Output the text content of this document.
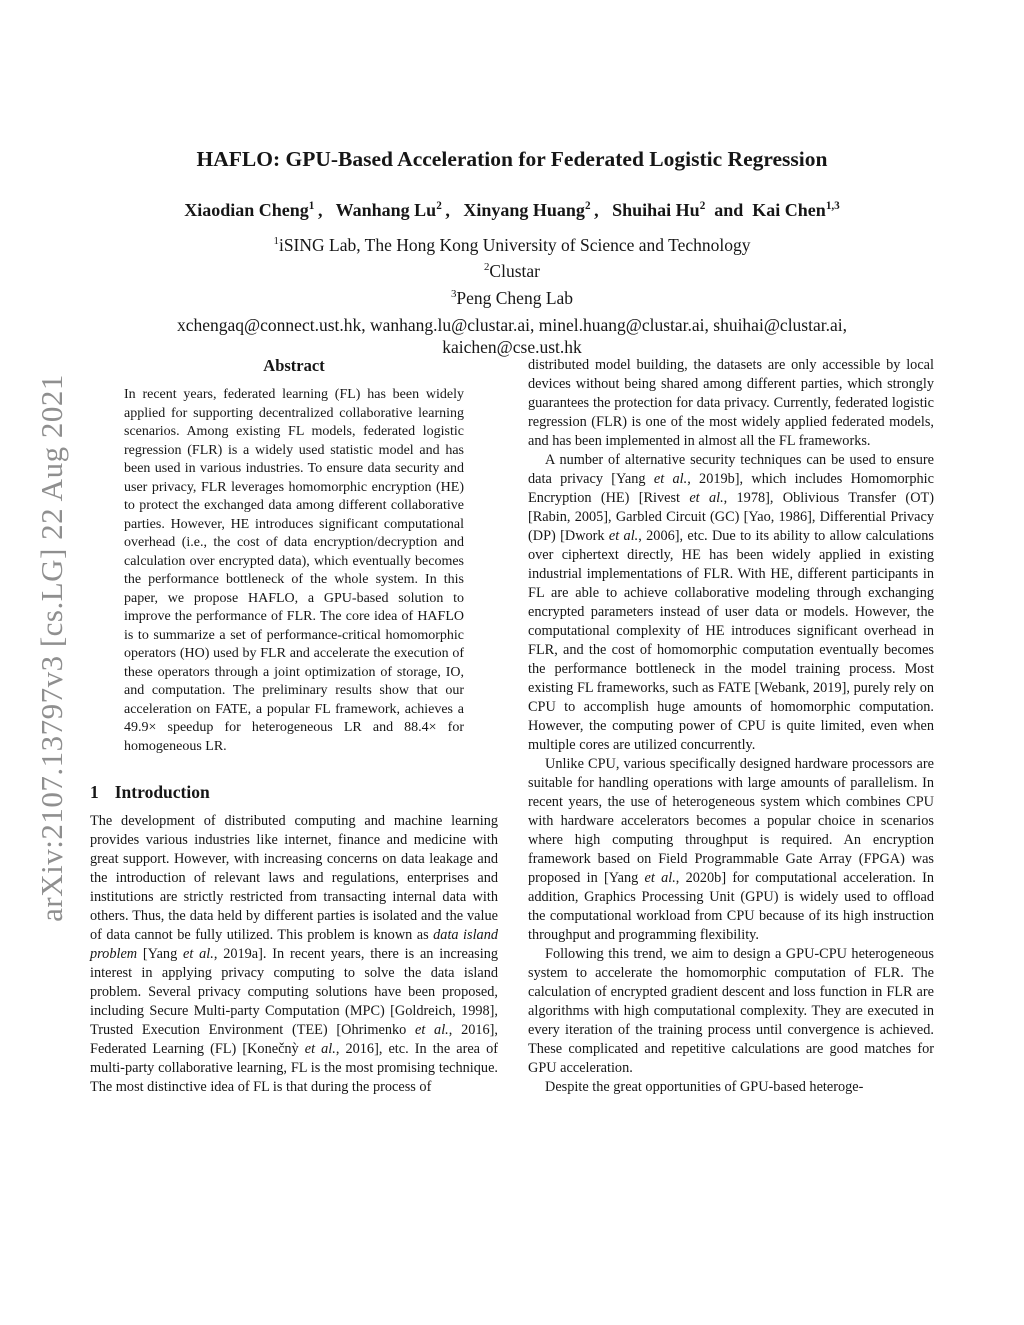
arXiv:2107.13797v3 [cs.LG] 22 Aug 2021
HAFLO: GPU-Based Acceleration for Federated Logistic Regression
Xiaodian Cheng$^1$ ,  Wanhang Lu$^2$ ,  Xinyang Huang$^2$ ,  Shuihai Hu$^2$ and Kai Chen$^{1,3}$
$^1$iSING Lab, The Hong Kong University of Science and Technology
$^2$Clustar
$^3$Peng Cheng Lab
xchengaq@connect.ust.hk, wanhang.lu@clustar.ai, minel.huang@clustar.ai, shuihai@clustar.ai,
kaichen@cse.ust.hk
Abstract

In recent years, federated learning (FL) has been widely applied for supporting decentralized collaborative learning scenarios. Among existing FL models, federated logistic regression (FLR) is a widely used statistic model and has been used in various industries. To ensure data security and user privacy, FLR leverages homomorphic encryption (HE) to protect the exchanged data among different collaborative parties. However, HE introduces significant computational overhead (i.e., the cost of data encryption/decryption and calculation over encrypted data), which eventually becomes the performance bottleneck of the whole system. In this paper, we propose HAFLO, a GPU-based solution to improve the performance of FLR. The core idea of HAFLO is to summarize a set of performance-critical homomorphic operators (HO) used by FLR and accelerate the execution of these operators through a joint optimization of storage, IO, and computation. The preliminary results show that our acceleration on FATE, a popular FL framework, achieves a 49.9× speedup for heterogeneous LR and 88.4× for homogeneous LR.

1 Introduction

The development of distributed computing and machine learning provides various industries like internet, finance and medicine with great support. However, with increasing concerns on data leakage and the introduction of relevant laws and regulations, enterprises and institutions are strictly restricted from transacting internal data with others. Thus, the data held by different parties is isolated and the value of data cannot be fully utilized. This problem is known as data island problem [Yang et al., 2019a]. In recent years, there is an increasing interest in applying privacy computing to solve the data island problem. Several privacy computing solutions have been proposed, including Secure Multi-party Computation (MPC) [Goldreich, 1998], Trusted Execution Environment (TEE) [Ohrimenko et al., 2016], Federated Learning (FL) [Konečnỳ et al., 2016], etc. In the area of multi-party collaborative learning, FL is the most promising technique. The most distinctive idea of FL is that during the process of

distributed model building, the datasets are only accessible by local devices without being shared among different parties, which strongly guarantees the protection for data privacy. Currently, federated logistic regression (FLR) is one of the most widely applied federated models, and has been implemented in almost all the FL frameworks.

A number of alternative security techniques can be used to ensure data privacy [Yang et al., 2019b], which includes Homomorphic Encryption (HE) [Rivest et al., 1978], Oblivious Transfer (OT) [Rabin, 2005], Garbled Circuit (GC) [Yao, 1986], Differential Privacy (DP) [Dwork et al., 2006], etc. Due to its ability to allow calculations over ciphertext directly, HE has been widely applied in existing industrial implementations of FLR. With HE, different participants in FL are able to achieve collaborative modeling through exchanging encrypted parameters instead of user data or models. However, the computational complexity of HE introduces significant overhead in FLR, and the cost of homomorphic computation eventually becomes the performance bottleneck in the model training process. Most existing FL frameworks, such as FATE [Webank, 2019], purely rely on CPU to accomplish huge amounts of homomorphic computation. However, the computing power of CPU is quite limited, even when multiple cores are utilized concurrently.

Unlike CPU, various specifically designed hardware processors are suitable for handling operations with large amounts of parallelism. In recent years, the use of heterogeneous system which combines CPU with hardware accelerators becomes a popular choice in scenarios where high computing throughput is required. An encryption framework based on Field Programmable Gate Array (FPGA) was proposed in [Yang et al., 2020b] for computational acceleration. In addition, Graphics Processing Unit (GPU) is widely used to offload the computational workload from CPU because of its high instruction throughput and programming flexibility.

Following this trend, we aim to design a GPU-CPU heterogeneous system to accelerate the homomorphic computation of FLR. The calculation of encrypted gradient descent and loss function in FLR are algorithms with high computational complexity. They are executed in every iteration of the training process until convergence is achieved. These complicated and repetitive calculations are good matches for GPU acceleration.

Despite the great opportunities of GPU-based heteroge-
